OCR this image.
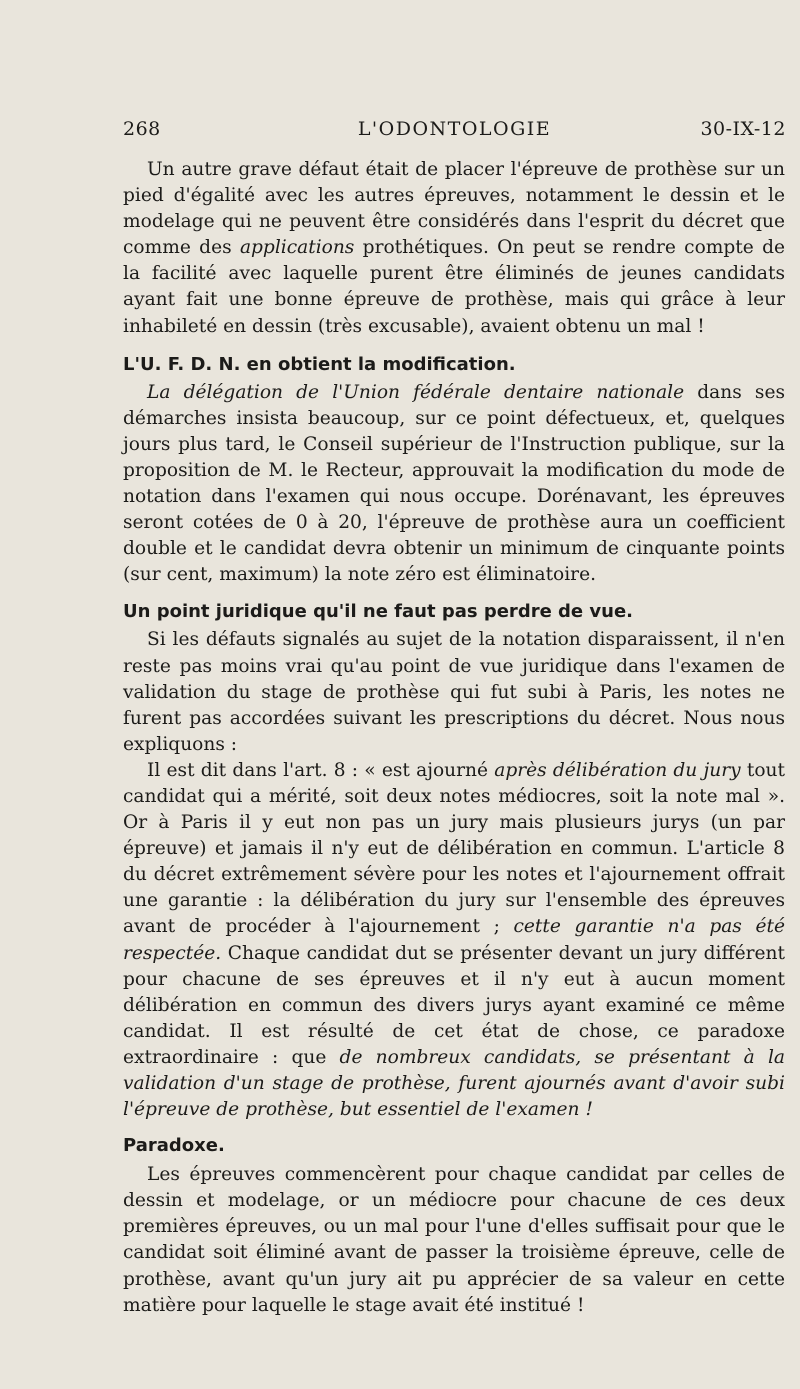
268	L'ODONTOLOGIE	30-IX-12

Un autre grave défaut était de placer l'épreuve de prothèse sur un pied d'égalité avec les autres épreuves, notamment le dessin et le modelage qui ne peuvent être considérés dans l'esprit du décret que comme des applications prothétiques. On peut se rendre compte de la facilité avec laquelle purent être éliminés de jeunes candidats ayant fait une bonne épreuve de prothèse, mais qui grâce à leur inhabileté en dessin (très excusable), avaient obtenu un mal !

L'U. F. D. N. en obtient la modification.

La délégation de l'Union fédérale dentaire nationale dans ses démarches insista beaucoup, sur ce point défectueux, et, quelques jours plus tard, le Conseil supérieur de l'Instruction publique, sur la proposition de M. le Recteur, approuvait la modification du mode de notation dans l'examen qui nous occupe. Dorénavant, les épreuves seront cotées de 0 à 20, l'épreuve de prothèse aura un coefficient double et le candidat devra obtenir un minimum de cinquante points (sur cent, maximum) la note zéro est éliminatoire.

Un point juridique qu'il ne faut pas perdre de vue.

Si les défauts signalés au sujet de la notation disparaissent, il n'en reste pas moins vrai qu'au point de vue juridique dans l'examen de validation du stage de prothèse qui fut subi à Paris, les notes ne furent pas accordées suivant les prescriptions du décret. Nous nous expliquons :

Il est dit dans l'art. 8 : « est ajourné après délibération du jury tout candidat qui a mérité, soit deux notes médiocres, soit la note mal ». Or à Paris il y eut non pas un jury mais plusieurs jurys (un par épreuve) et jamais il n'y eut de délibération en commun. L'article 8 du décret extrêmement sévère pour les notes et l'ajournement offrait une garantie : la délibération du jury sur l'ensemble des épreuves avant de procéder à l'ajournement ; cette garantie n'a pas été respectée. Chaque candidat dut se présenter devant un jury différent pour chacune de ses épreuves et il n'y eut à aucun moment délibération en commun des divers jurys ayant examiné ce même candidat. Il est résulté de cet état de chose, ce paradoxe extraordinaire : que de nombreux candidats, se présentant à la validation d'un stage de prothèse, furent ajournés avant d'avoir subi l'épreuve de prothèse, but essentiel de l'examen !

Paradoxe.

Les épreuves commencèrent pour chaque candidat par celles de dessin et modelage, or un médiocre pour chacune de ces deux premières épreuves, ou un mal pour l'une d'elles suffisait pour que le candidat soit éliminé avant de passer la troisième épreuve, celle de prothèse, avant qu'un jury ait pu apprécier de sa valeur en cette matière pour laquelle le stage avait été institué !
